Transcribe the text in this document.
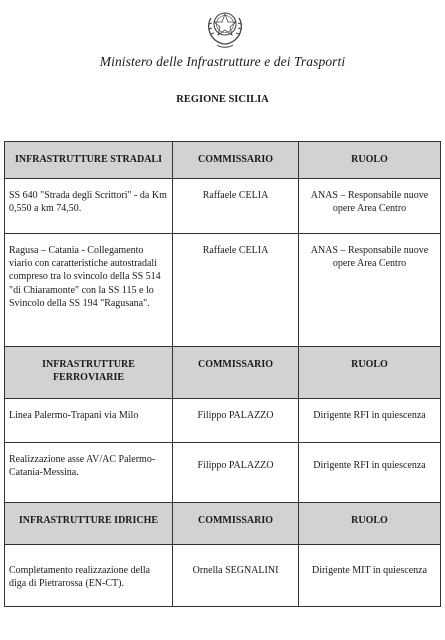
Ministero delle Infrastrutture e dei Trasporti
REGIONE SICILIA
INFRASTRUTTURE STRADALI	COMMISSARIO	RUOLO
SS 640 "Strada degli Scrittori" - da Km 0,550 a km 74,50.	Raffaele CELIA	ANAS – Responsabile nuove opere Area Centro
Ragusa – Catania - Collegamento viario con caratteristiche autostradali compreso tra lo svincolo della SS 514 "di Chiaramonte" con la SS 115 e lo Svincolo della SS 194 "Ragusana".	Raffaele CELIA	ANAS – Responsabile nuove opere Area Centro
INFRASTRUTTURE FERROVIARIE	COMMISSARIO	RUOLO
Linea Palermo-Trapani via Milo	Filippo PALAZZO	Dirigente RFI in quiescenza
Realizzazione asse AV/AC Palermo-Catania-Messina.	Filippo PALAZZO	Dirigente RFI in quiescenza
INFRASTRUTTURE IDRICHE	COMMISSARIO	RUOLO
Completamento realizzazione della diga di Pietrarossa (EN-CT).	Ornella SEGNALINI	Dirigente MIT in quiescenza
